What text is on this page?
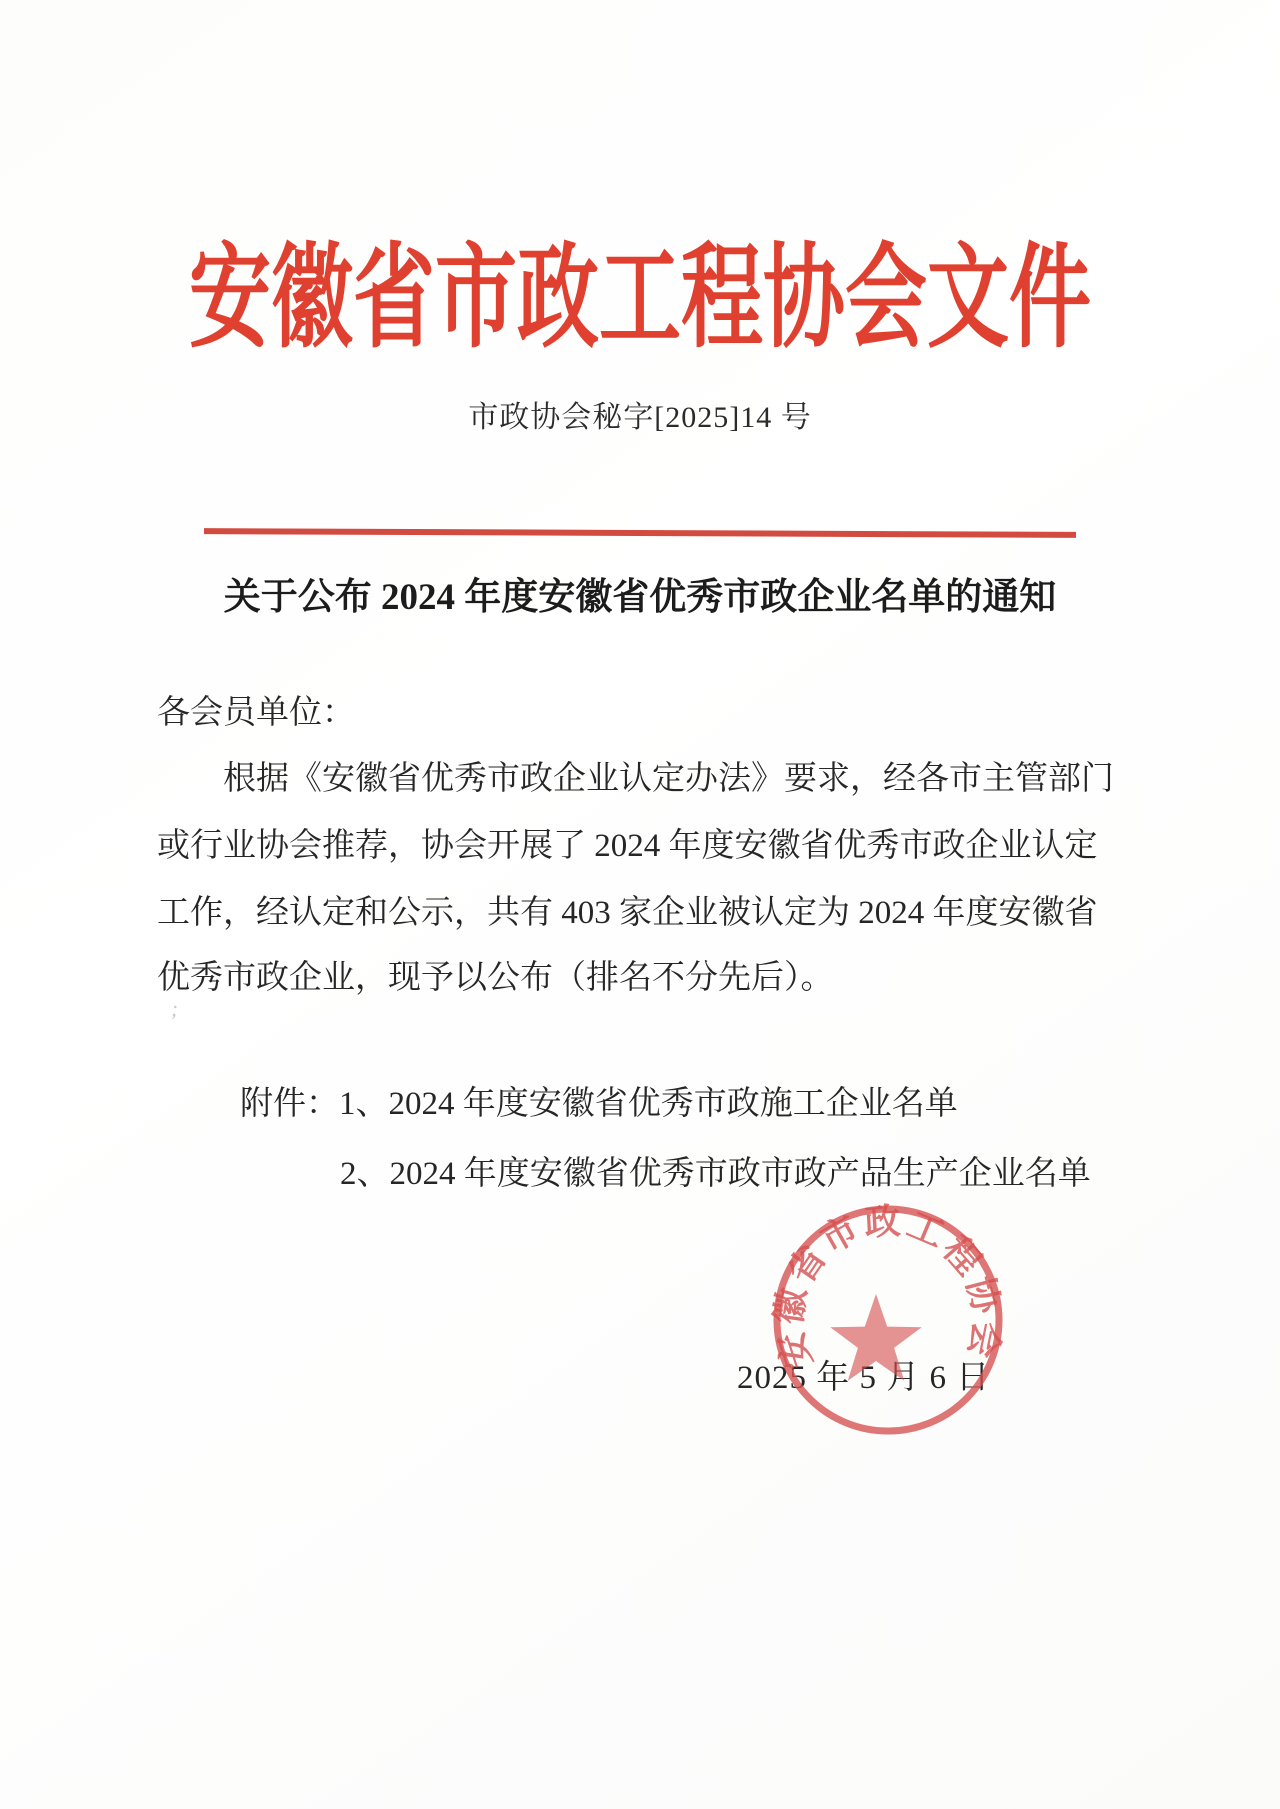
安徽省市政工程协会文件
市政协会秘字[2025]14 号
关于公布 2024 年度安徽省优秀市政企业名单的通知
各会员单位：
根据《安徽省优秀市政企业认定办法》要求，经各市主管部门
或行业协会推荐，协会开展了 2024 年度安徽省优秀市政企业认定
工作，经认定和公示，共有 403 家企业被认定为 2024 年度安徽省
优秀市政企业，现予以公布（排名不分先后）。
附件：1、2024 年度安徽省优秀市政施工企业名单
2、2024 年度安徽省优秀市政市政产品生产企业名单
2025 年 5 月 6 日
;
安徽省市政工程协会
